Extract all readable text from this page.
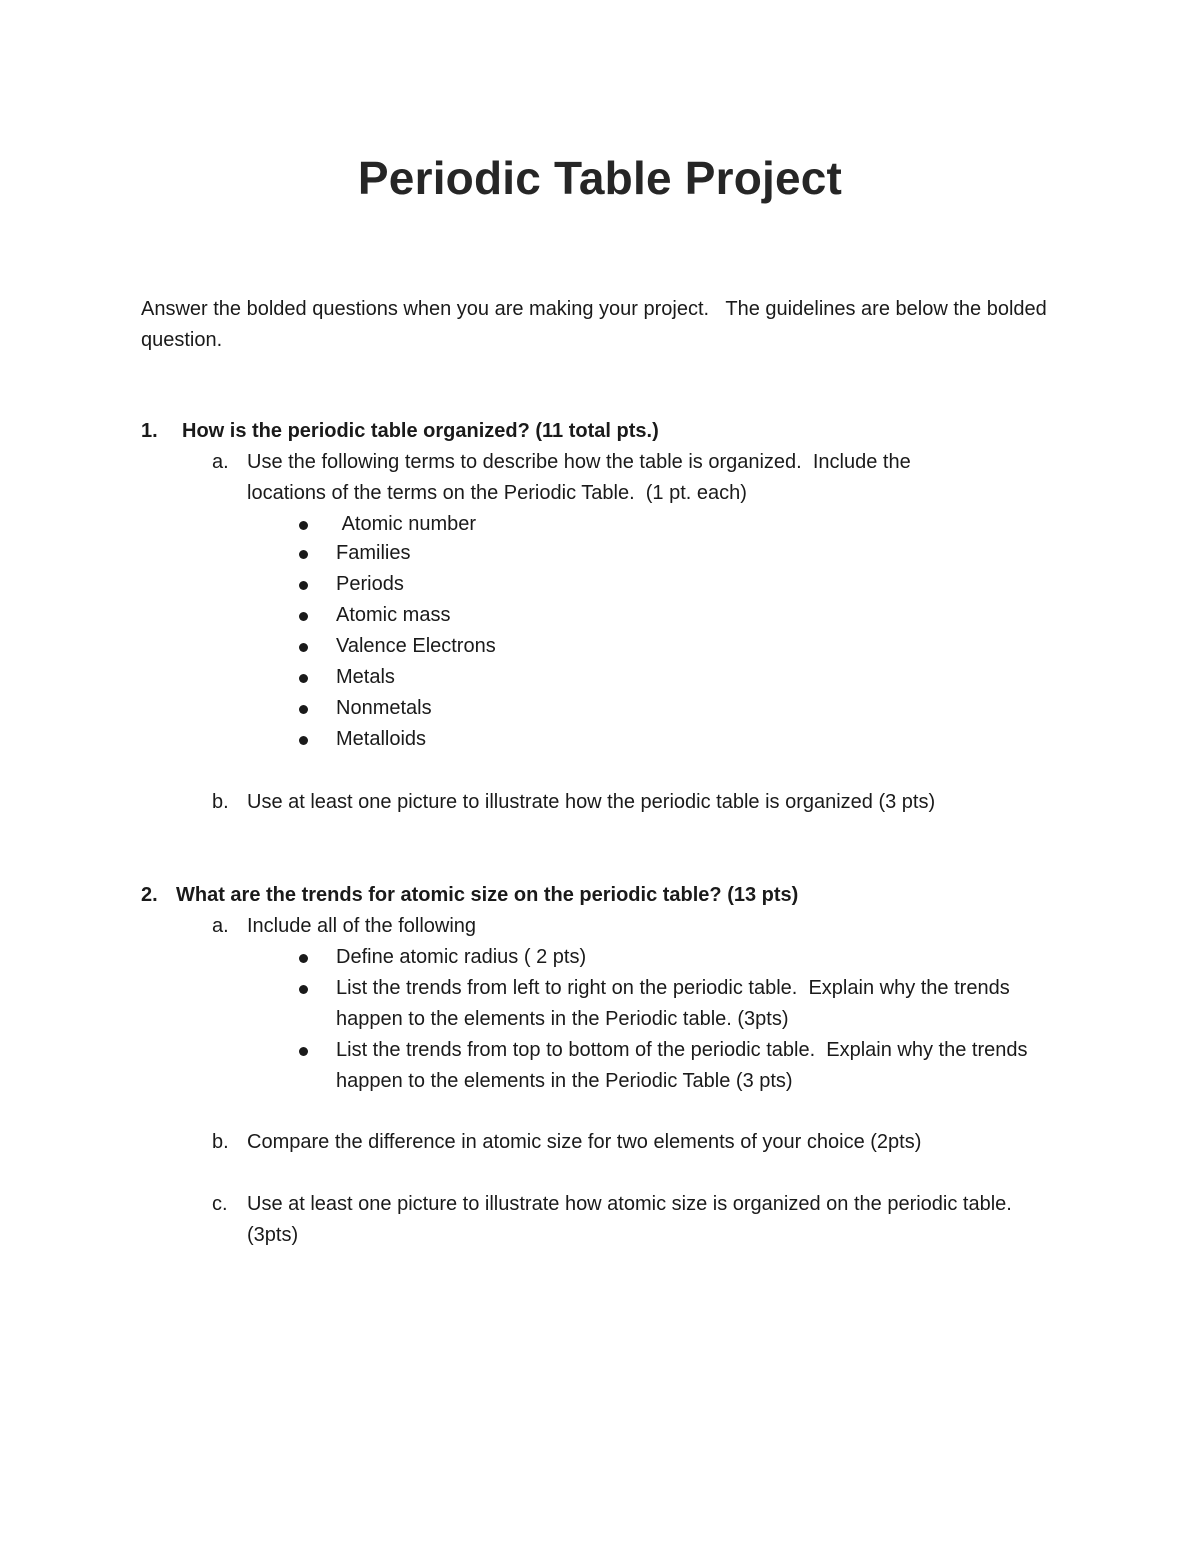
Periodic Table Project
Answer the bolded questions when you are making your project.   The guidelines are below the bolded question.
1. How is the periodic table organized? (11 total pts.)
a. Use the following terms to describe how the table is organized.  Include the locations of the terms on the Periodic Table.  (1 pt. each)
Atomic number
Families
Periods
Atomic mass
Valence Electrons
Metals
Nonmetals
Metalloids
b. Use at least one picture to illustrate how the periodic table is organized (3 pts)
2. What are the trends for atomic size on the periodic table? (13 pts)
a. Include all of the following
Define atomic radius ( 2 pts)
List the trends from left to right on the periodic table.  Explain why the trends happen to the elements in the Periodic table. (3pts)
List the trends from top to bottom of the periodic table.  Explain why the trends happen to the elements in the Periodic Table (3 pts)
b. Compare the difference in atomic size for two elements of your choice (2pts)
c. Use at least one picture to illustrate how atomic size is organized on the periodic table. (3pts)
